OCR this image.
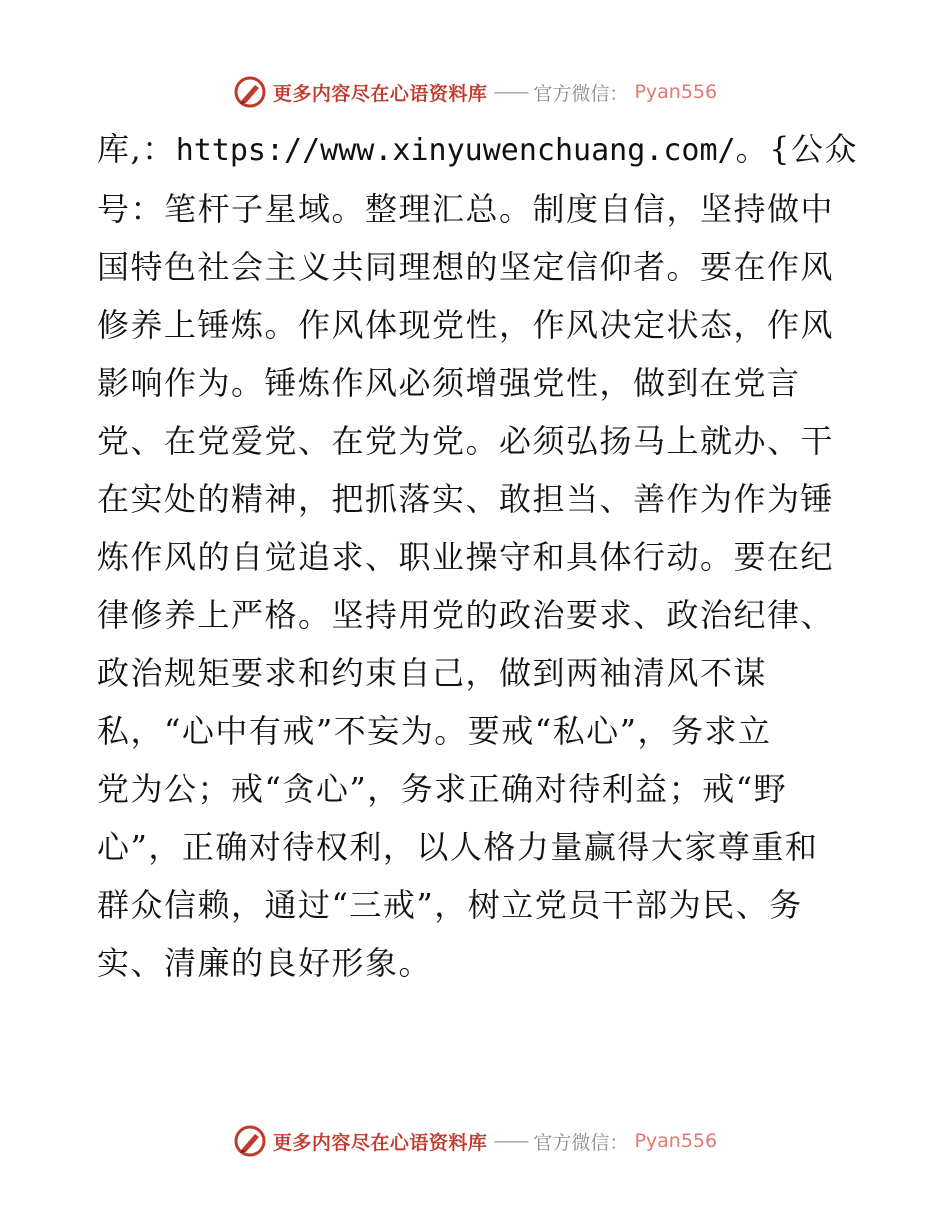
更多内容尽在心语资料库 —— 官方微信： Pyan556
库,：https://www.xinyuwenchuang.com/。{公众
号：笔杆子星域。整理汇总。制度自信，坚持做中
国特色社会主义共同理想的坚定信仰者。要在作风
修养上锤炼。作风体现党性，作风决定状态，作风
影响作为。锤炼作风必须增强党性，做到在党言
党、在党爱党、在党为党。必须弘扬马上就办、干
在实处的精神，把抓落实、敢担当、善作为作为锤
炼作风的自觉追求、职业操守和具体行动。要在纪
律修养上严格。坚持用党的政治要求、政治纪律、
政治规矩要求和约束自己，做到两袖清风不谋
私，“心中有戒”不妄为。要戒“私心”，务求立
党为公；戒“贪心”，务求正确对待利益；戒“野
心”，正确对待权利，以人格力量赢得大家尊重和
群众信赖，通过“三戒”，树立党员干部为民、务
实、清廉的良好形象。
更多内容尽在心语资料库 —— 官方微信： Pyan556
